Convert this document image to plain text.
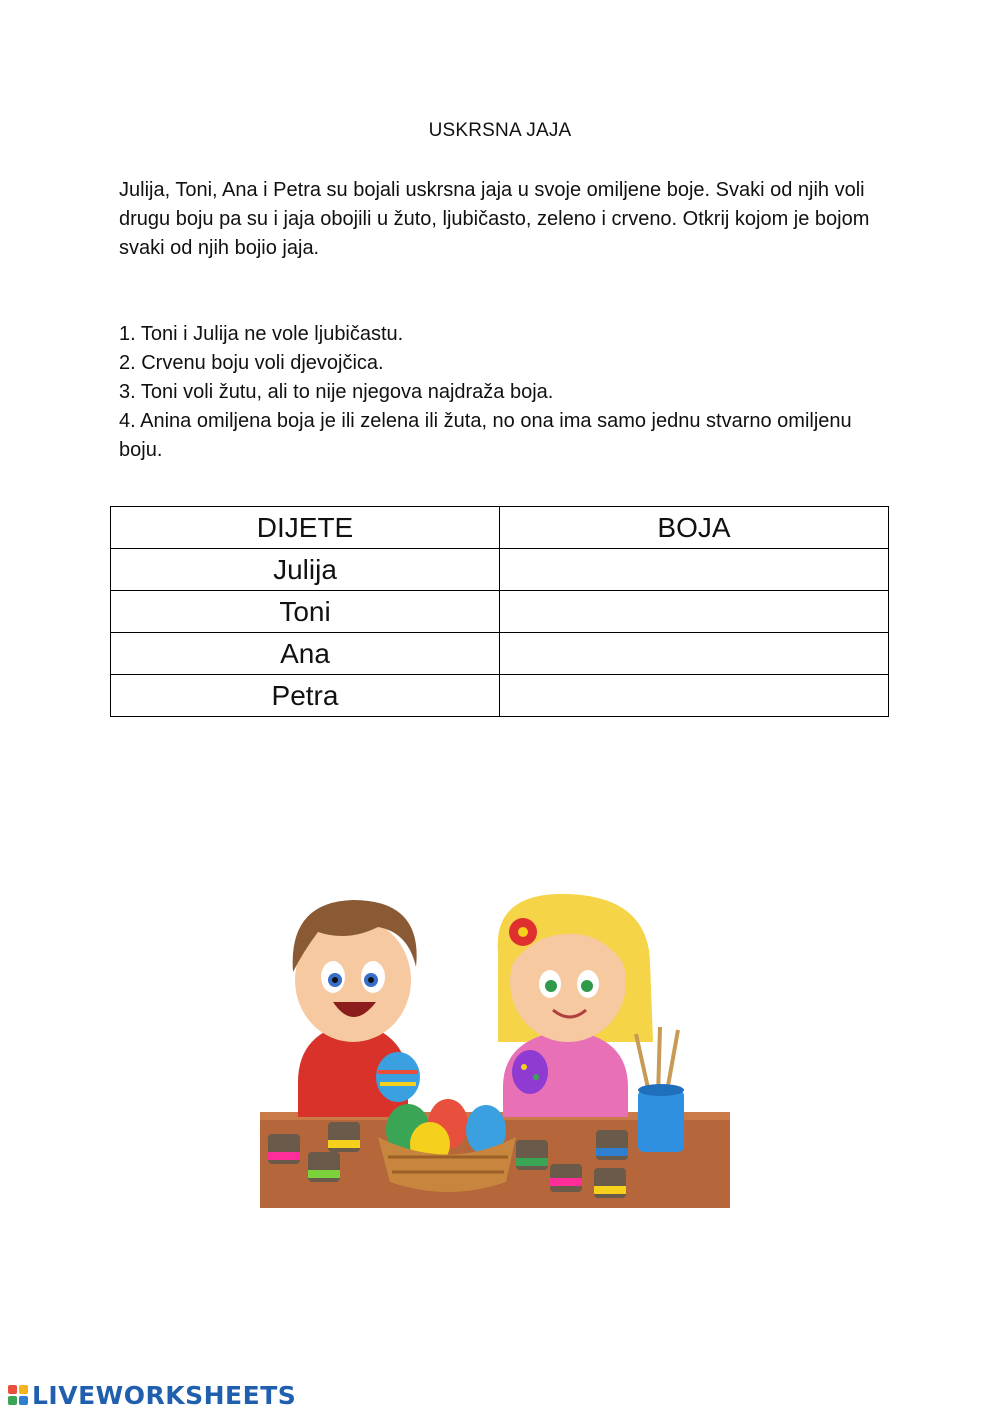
USKRSNA JAJA
Julija, Toni, Ana i Petra su bojali uskrsna jaja u svoje omiljene boje. Svaki od njih voli drugu boju pa su i jaja obojili u žuto, ljubičasto, zeleno i crveno. Otkrij kojom je bojom svaki od njih bojio jaja.
1. Toni i Julija ne vole ljubičastu.
2. Crvenu boju voli djevojčica.
3. Toni voli žutu, ali to nije njegova najdraža boja.
4. Anina omiljena boja je ili zelena ili žuta, no ona ima samo jednu stvarno omiljenu boju.
DIJETE	BOJA
Julija	
Toni	
Ana	
Petra	
LIVEWORKSHEETS
